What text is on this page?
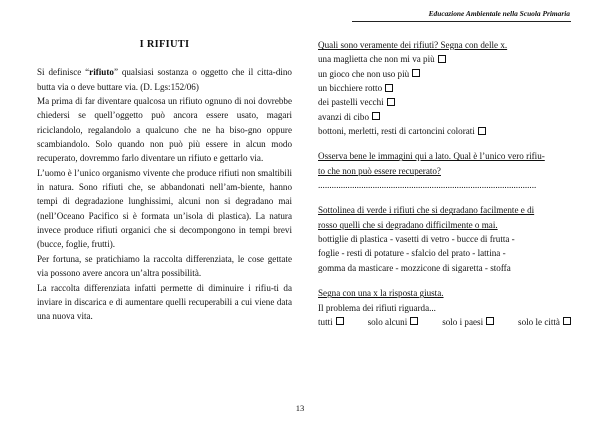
Educazione Ambientale nella Scuola Primaria
I RIFIUTI

Si definisce “rifiuto” qualsiasi sostanza o oggetto che il citta-dino butta via o deve buttare via. (D. Lgs:152/06)

Ma prima di far diventare qualcosa un rifiuto ognuno di noi dovrebbe chiedersi se quell’oggetto può ancora essere usato, magari riciclandolo, regalandolo a qualcuno che ne ha biso-gno oppure scambiandolo. Solo quando non può più essere in alcun modo recuperato, dovremmo farlo diventare un rifiuto e gettarlo via.

L’uomo è l’unico organismo vivente che produce rifiuti non smaltibili in natura. Sono rifiuti che, se abbandonati nell’am-biente, hanno tempi di degradazione lunghissimi, alcuni non si degradano mai (nell’Oceano Pacifico si è formata un’isola di plastica). La natura invece produce rifiuti organici che si decompongono in tempi brevi (bucce, foglie, frutti).

Per fortuna, se pratichiamo la raccolta differenziata, le cose gettate via possono avere ancora un’altra possibilità.

La raccolta differenziata infatti permette di diminuire i rifiu-ti da inviare in discarica e di aumentare quelli recuperabili a cui viene data una nuova vita.

Quali sono veramente dei rifiuti? Segna con delle x.
una maglietta che non mi va più
un gioco che non uso più
un bicchiere rotto
dei pastelli vecchi
avanzi di cibo
bottoni, merletti, resti di cartoncini colorati
Osserva bene le immagini qui a lato. Qual è l’unico vero rifiu-
to che non può essere recuperato?
................................................................................................
Sottolinea di verde i rifiuti che si degradano facilmente e di
rosso quelli che si degradano difficilmente o mai.
bottiglie di plastica - vasetti di vetro - bucce di frutta -
foglie - resti di potature - sfalcio del prato - lattina -
gomma da masticare - mozzicone di sigaretta - stoffa
Segna con una x la risposta giusta.
Il problema dei rifiuti riguarda...
tutti	solo alcuni	solo i paesi	solo le città
13
